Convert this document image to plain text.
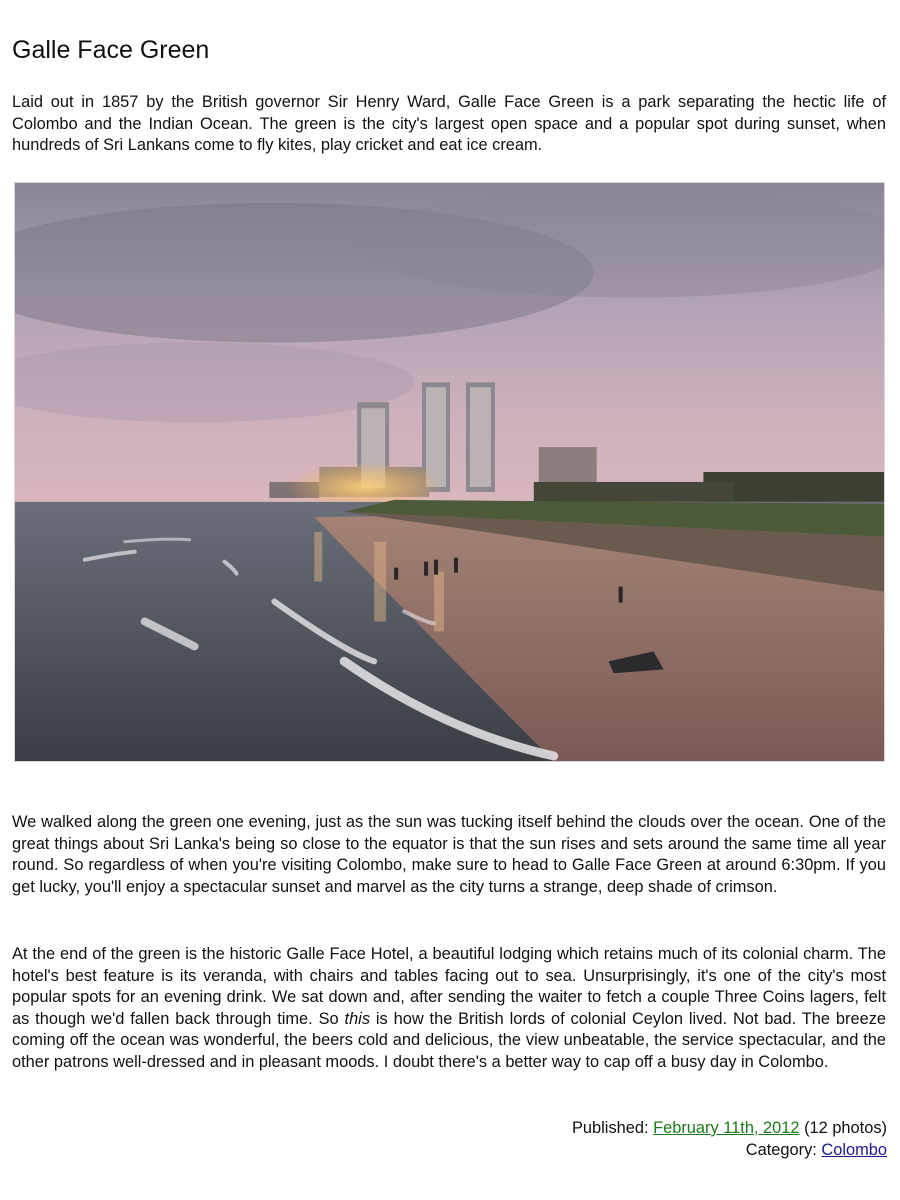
Galle Face Green

Laid out in 1857 by the British governor Sir Henry Ward, Galle Face Green is a park separating the hectic life of Colombo and the Indian Ocean. The green is the city's largest open space and a popular spot during sunset, when hundreds of Sri Lankans come to fly kites, play cricket and eat ice cream.

We walked along the green one evening, just as the sun was tucking itself behind the clouds over the ocean. One of the great things about Sri Lanka's being so close to the equator is that the sun rises and sets around the same time all year round. So regardless of when you're visiting Colombo, make sure to head to Galle Face Green at around 6:30pm. If you get lucky, you'll enjoy a spectacular sunset and marvel as the city turns a strange, deep shade of crimson.

At the end of the green is the historic Galle Face Hotel, a beautiful lodging which retains much of its colonial charm. The hotel's best feature is its veranda, with chairs and tables facing out to sea. Unsurprisingly, it's one of the city's most popular spots for an evening drink. We sat down and, after sending the waiter to fetch a couple Three Coins lagers, felt as though we'd fallen back through time. So this is how the British lords of colonial Ceylon lived. Not bad. The breeze coming off the ocean was wonderful, the beers cold and delicious, the view unbeatable, the service spectacular, and the other patrons well-dressed and in pleasant moods. I doubt there's a better way to cap off a busy day in Colombo.

Published: February 11th, 2012 (12 photos)
Category: Colombo
